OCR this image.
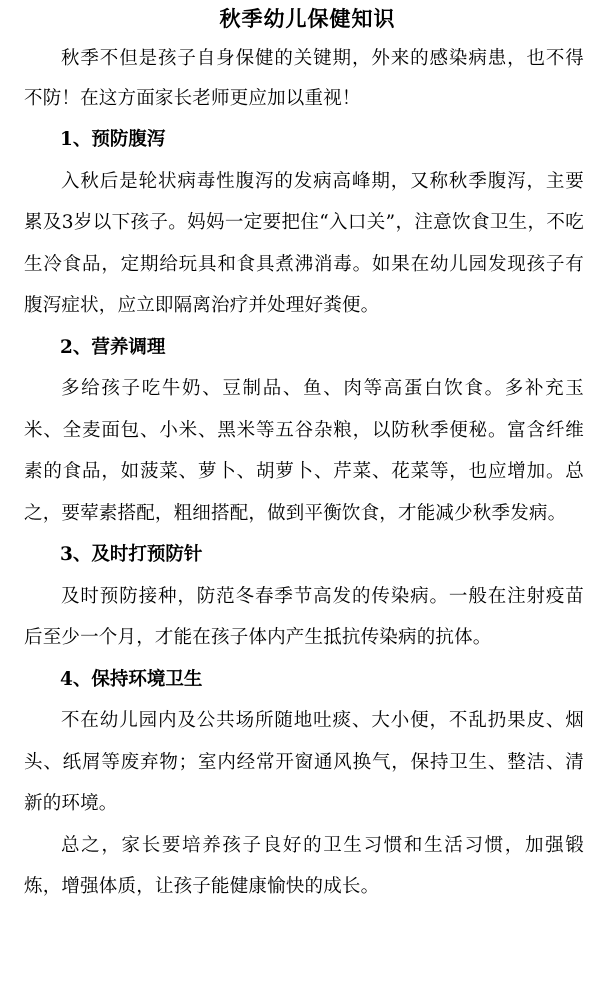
秋季幼儿保健知识

秋季不但是孩子自身保健的关键期，外来的感染病患，也不得不防！在这方面家长老师更应加以重视！

1、预防腹泻

入秋后是轮状病毒性腹泻的发病高峰期，又称秋季腹泻，主要累及3岁以下孩子。妈妈一定要把住“入口关”，注意饮食卫生，不吃生冷食品，定期给玩具和食具煮沸消毒。如果在幼儿园发现孩子有腹泻症状，应立即隔离治疗并处理好粪便。

2、营养调理

多给孩子吃牛奶、豆制品、鱼、肉等高蛋白饮食。多补充玉米、全麦面包、小米、黑米等五谷杂粮，以防秋季便秘。富含纤维素的食品，如菠菜、萝卜、胡萝卜、芹菜、花菜等，也应增加。总之，要荤素搭配，粗细搭配，做到平衡饮食，才能减少秋季发病。

3、及时打预防针

及时预防接种，防范冬春季节高发的传染病。一般在注射疫苗后至少一个月，才能在孩子体内产生抵抗传染病的抗体。

4、保持环境卫生

不在幼儿园内及公共场所随地吐痰、大小便，不乱扔果皮、烟头、纸屑等废弃物；室内经常开窗通风换气，保持卫生、整洁、清新的环境。

总之，家长要培养孩子良好的卫生习惯和生活习惯，加强锻炼，增强体质，让孩子能健康愉快的成长。
